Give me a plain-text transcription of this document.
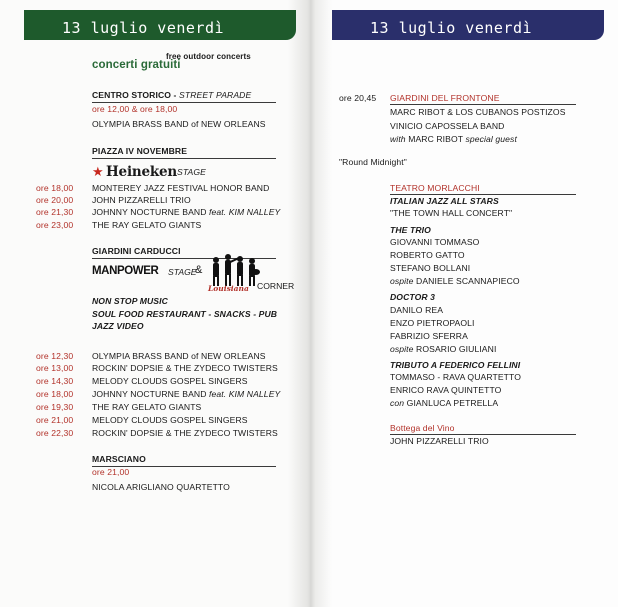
13 luglio venerdì
free outdoor concerts
concerti gratuiti
CENTRO STORICO - STREET PARADE
ore 12,00 & ore 18,00
OLYMPIA BRASS BAND of NEW ORLEANS
PIAZZA IV NOVEMBRE
★ Heineken STAGE
ore 18,00 MONTEREY JAZZ FESTIVAL HONOR BAND
ore 20,00 JOHN PIZZARELLI TRIO
ore 21,30 JOHNNY NOCTURNE BAND feat. KIM NALLEY
ore 23,00 THE RAY GELATO GIANTS
GIARDINI CARDUCCI
MANPOWER STAGE
&
Louisiana CORNER
NON STOP MUSIC
SOUL FOOD RESTAURANT - SNACKS - PUB
JAZZ VIDEO
ore 12,30 OLYMPIA BRASS BAND of NEW ORLEANS
ore 13,00 ROCKIN' DOPSIE & THE ZYDECO TWISTERS
ore 14,30 MELODY CLOUDS GOSPEL SINGERS
ore 18,00 JOHNNY NOCTURNE BAND feat. KIM NALLEY
ore 19,30 THE RAY GELATO GIANTS
ore 21,00 MELODY CLOUDS GOSPEL SINGERS
ore 22,30 ROCKIN' DOPSIE & THE ZYDECO TWISTERS
MARSCIANO
ore 21,00
NICOLA ARIGLIANO QUARTETTO
13 luglio venerdì
ore 20,45 GIARDINI DEL FRONTONE
MARC RIBOT & LOS CUBANOS POSTIZOS
VINICIO CAPOSSELA BAND
with MARC RIBOT special guest
"Round Midnight"
TEATRO MORLACCHI
ITALIAN JAZZ ALL STARS
"THE TOWN HALL CONCERT"
THE TRIO
GIOVANNI TOMMASO
ROBERTO GATTO
STEFANO BOLLANI
ospite DANIELE SCANNAPIECO
DOCTOR 3
DANILO REA
ENZO PIETROPAOLI
FABRIZIO SFERRA
ospite ROSARIO GIULIANI
TRIBUTO A FEDERICO FELLINI
TOMMASO - RAVA QUARTETTO
ENRICO RAVA QUINTETTO
con GIANLUCA PETRELLA
Bottega del Vino
JOHN PIZZARELLI TRIO
